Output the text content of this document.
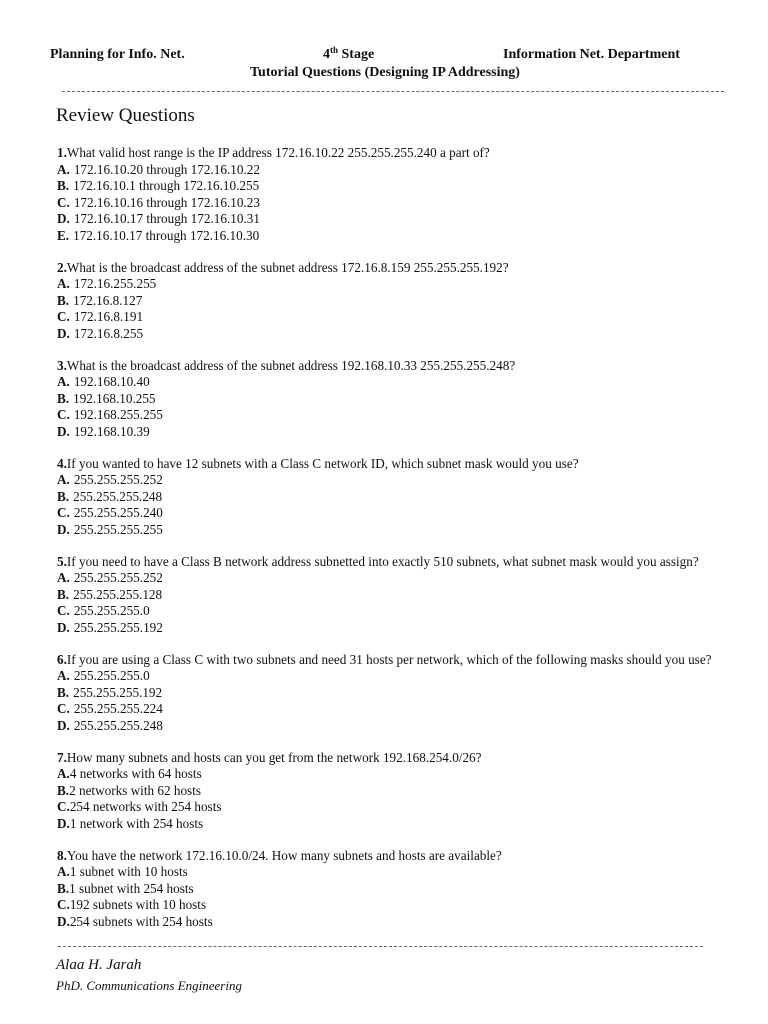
Planning for Info. Net.	4th Stage	Information Net. Department
Tutorial Questions (Designing IP Addressing)
Review Questions
1.What valid host range is the IP address 172.16.10.22 255.255.255.240 a part of?
A. 172.16.10.20 through 172.16.10.22
B. 172.16.10.1 through 172.16.10.255
C. 172.16.10.16 through 172.16.10.23
D. 172.16.10.17 through 172.16.10.31
E. 172.16.10.17 through 172.16.10.30
2.What is the broadcast address of the subnet address 172.16.8.159 255.255.255.192?
A. 172.16.255.255
B. 172.16.8.127
C. 172.16.8.191
D. 172.16.8.255
3.What is the broadcast address of the subnet address 192.168.10.33 255.255.255.248?
A. 192.168.10.40
B. 192.168.10.255
C. 192.168.255.255
D. 192.168.10.39
4.If you wanted to have 12 subnets with a Class C network ID, which subnet mask would you use?
A. 255.255.255.252
B. 255.255.255.248
C. 255.255.255.240
D. 255.255.255.255
5.If you need to have a Class B network address subnetted into exactly 510 subnets, what subnet mask would you assign?
A. 255.255.255.252
B. 255.255.255.128
C. 255.255.255.0
D. 255.255.255.192
6.If you are using a Class C with two subnets and need 31 hosts per network, which of the following masks should you use?
A. 255.255.255.0
B. 255.255.255.192
C. 255.255.255.224
D. 255.255.255.248
7.How many subnets and hosts can you get from the network 192.168.254.0/26?
A.4 networks with 64 hosts
B.2 networks with 62 hosts
C.254 networks with 254 hosts
D.1 network with 254 hosts
8.You have the network 172.16.10.0/24. How many subnets and hosts are available?
A.1 subnet with 10 hosts
B.1 subnet with 254 hosts
C.192 subnets with 10 hosts
D.254 subnets with 254 hosts
Alaa H. Jarah
PhD. Communications Engineering
